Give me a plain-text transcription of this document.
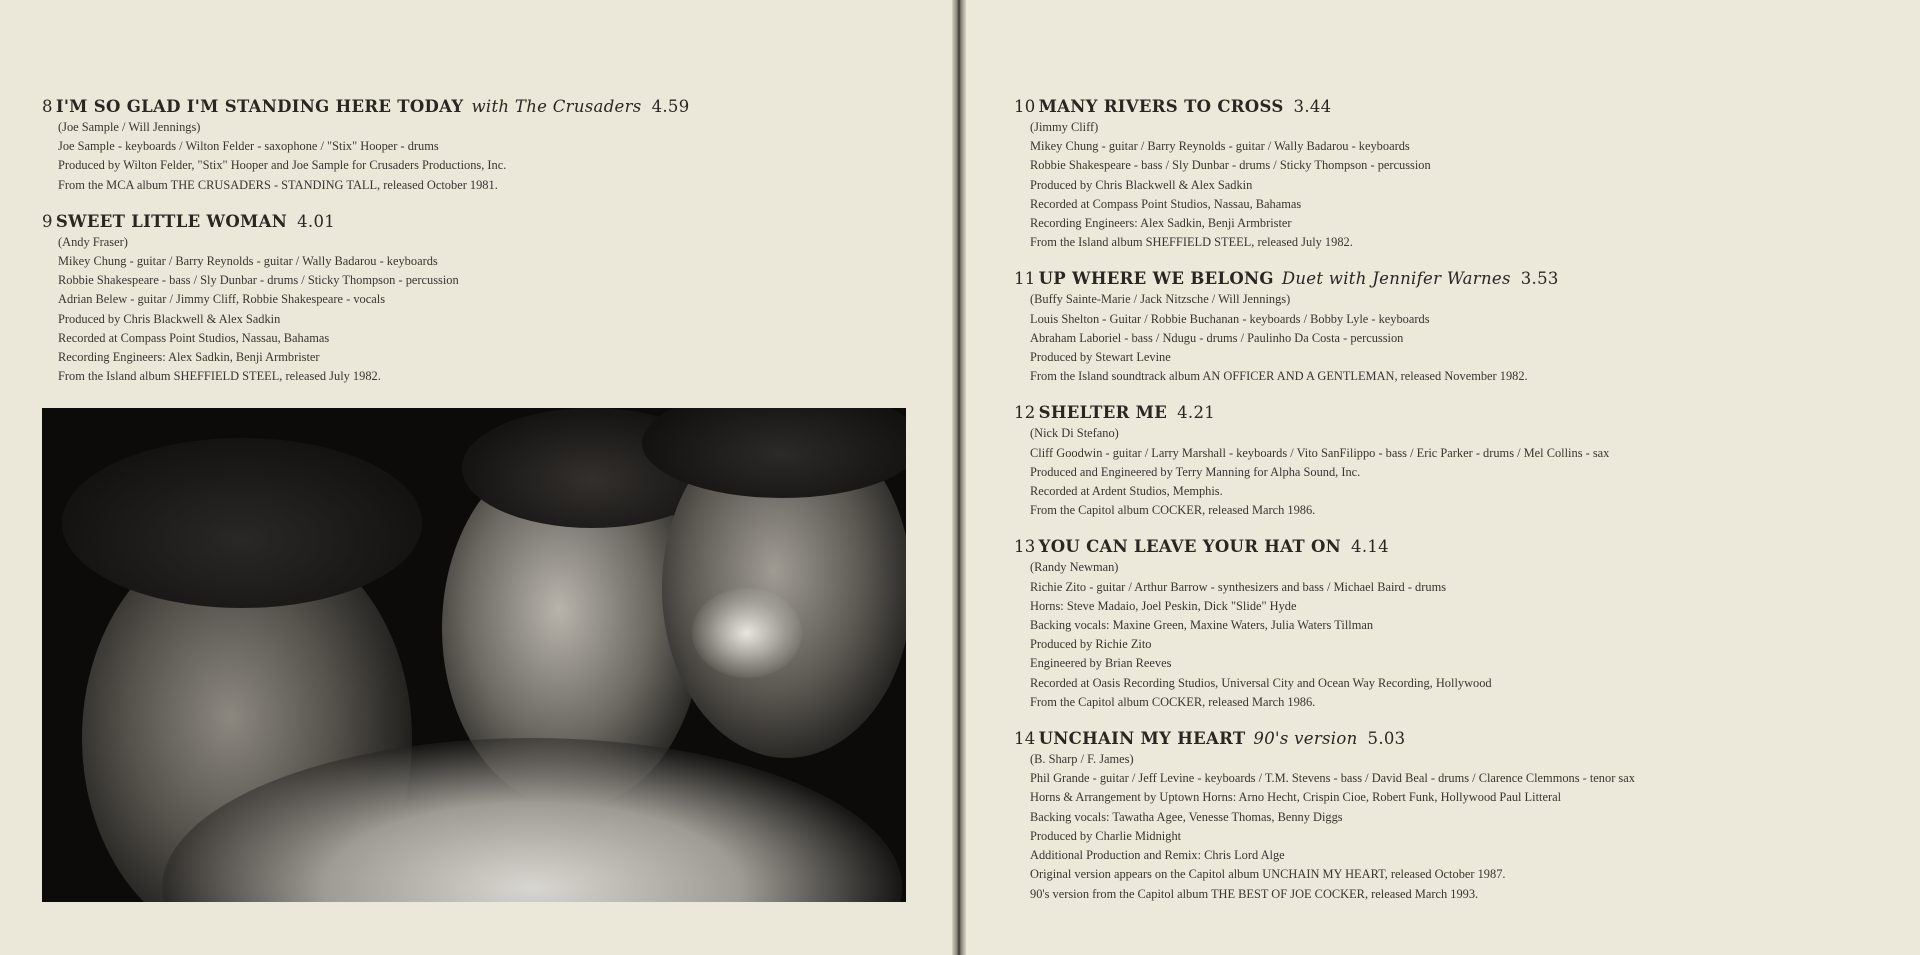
8 I'M SO GLAD I'M STANDING HERE TODAY with The Crusaders 4.59
(Joe Sample / Will Jennings)
Joe Sample - keyboards / Wilton Felder - saxophone / "Stix" Hooper - drums
Produced by Wilton Felder, "Stix" Hooper and Joe Sample for Crusaders Productions, Inc.
From the MCA album THE CRUSADERS - STANDING TALL, released October 1981.
9 SWEET LITTLE WOMAN 4.01
(Andy Fraser)
Mikey Chung - guitar / Barry Reynolds - guitar / Wally Badarou - keyboards
Robbie Shakespeare - bass / Sly Dunbar - drums / Sticky Thompson - percussion
Adrian Belew - guitar / Jimmy Cliff, Robbie Shakespeare - vocals
Produced by Chris Blackwell & Alex Sadkin
Recorded at Compass Point Studios, Nassau, Bahamas
Recording Engineers: Alex Sadkin, Benji Armbrister
From the Island album SHEFFIELD STEEL, released July 1982.
10 MANY RIVERS TO CROSS 3.44
(Jimmy Cliff)
Mikey Chung - guitar / Barry Reynolds - guitar / Wally Badarou - keyboards
Robbie Shakespeare - bass / Sly Dunbar - drums / Sticky Thompson - percussion
Produced by Chris Blackwell & Alex Sadkin
Recorded at Compass Point Studios, Nassau, Bahamas
Recording Engineers: Alex Sadkin, Benji Armbrister
From the Island album SHEFFIELD STEEL, released July 1982.
11 UP WHERE WE BELONG Duet with Jennifer Warnes 3.53
(Buffy Sainte-Marie / Jack Nitzsche / Will Jennings)
Louis Shelton - Guitar / Robbie Buchanan - keyboards / Bobby Lyle - keyboards
Abraham Laboriel - bass / Ndugu - drums / Paulinho Da Costa - percussion
Produced by Stewart Levine
From the Island soundtrack album AN OFFICER AND A GENTLEMAN, released November 1982.
12 SHELTER ME 4.21
(Nick Di Stefano)
Cliff Goodwin - guitar / Larry Marshall - keyboards / Vito SanFilippo - bass / Eric Parker - drums / Mel Collins - sax
Produced and Engineered by Terry Manning for Alpha Sound, Inc.
Recorded at Ardent Studios, Memphis.
From the Capitol album COCKER, released March 1986.
13 YOU CAN LEAVE YOUR HAT ON 4.14
(Randy Newman)
Richie Zito - guitar / Arthur Barrow - synthesizers and bass / Michael Baird - drums
Horns: Steve Madaio, Joel Peskin, Dick "Slide" Hyde
Backing vocals: Maxine Green, Maxine Waters, Julia Waters Tillman
Produced by Richie Zito
Engineered by Brian Reeves
Recorded at Oasis Recording Studios, Universal City and Ocean Way Recording, Hollywood
From the Capitol album COCKER, released March 1986.
14 UNCHAIN MY HEART 90's version 5.03
(B. Sharp / F. James)
Phil Grande - guitar / Jeff Levine - keyboards / T.M. Stevens - bass / David Beal - drums / Clarence Clemmons - tenor sax
Horns & Arrangement by Uptown Horns: Arno Hecht, Crispin Cioe, Robert Funk, Hollywood Paul Litteral
Backing vocals: Tawatha Agee, Venesse Thomas, Benny Diggs
Produced by Charlie Midnight
Additional Production and Remix: Chris Lord Alge
Original version appears on the Capitol album UNCHAIN MY HEART, released October 1987.
90's version from the Capitol album THE BEST OF JOE COCKER, released March 1993.
